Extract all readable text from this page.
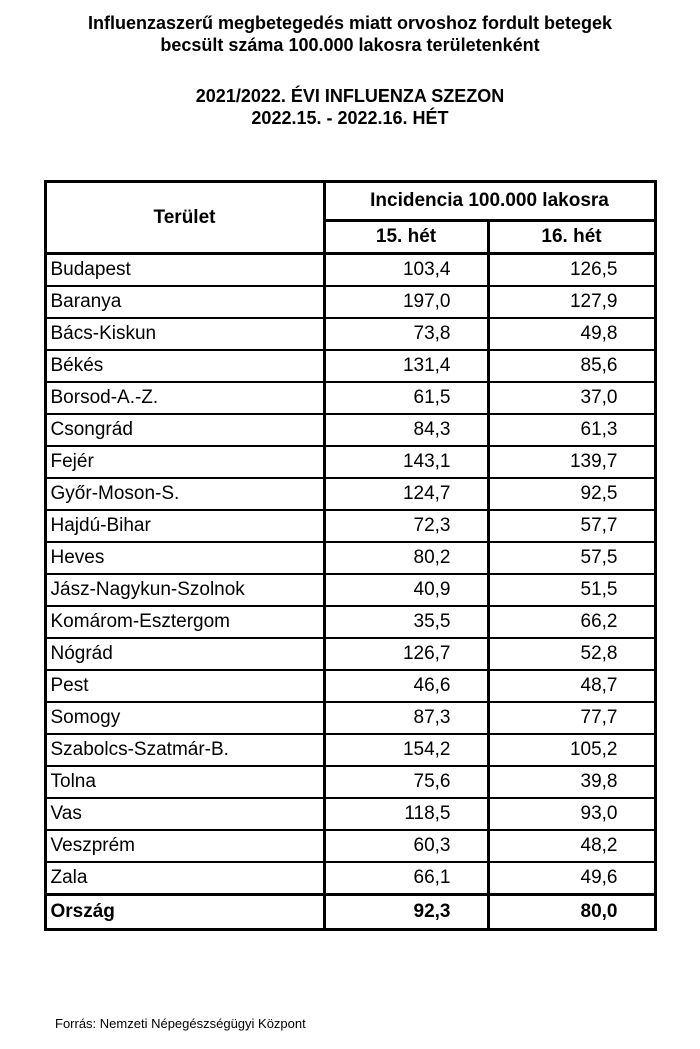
Influenzaszerű megbetegedés miatt orvoshoz fordult betegek
becsült száma 100.000 lakosra területenként
2021/2022. ÉVI INFLUENZA SZEZON
2022.15. - 2022.16. HÉT
Terület	Incidencia 100.000 lakosra	
	15. hét	16. hét
Budapest	103,4	126,5
Baranya	197,0	127,9
Bács-Kiskun	73,8	49,8
Békés	131,4	85,6
Borsod-A.-Z.	61,5	37,0
Csongrád	84,3	61,3
Fejér	143,1	139,7
Győr-Moson-S.	124,7	92,5
Hajdú-Bihar	72,3	57,7
Heves	80,2	57,5
Jász-Nagykun-Szolnok	40,9	51,5
Komárom-Esztergom	35,5	66,2
Nógrád	126,7	52,8
Pest	46,6	48,7
Somogy	87,3	77,7
Szabolcs-Szatmár-B.	154,2	105,2
Tolna	75,6	39,8
Vas	118,5	93,0
Veszprém	60,3	48,2
Zala	66,1	49,6
Ország	92,3	80,0
Forrás: Nemzeti Népegészségügyi Központ
